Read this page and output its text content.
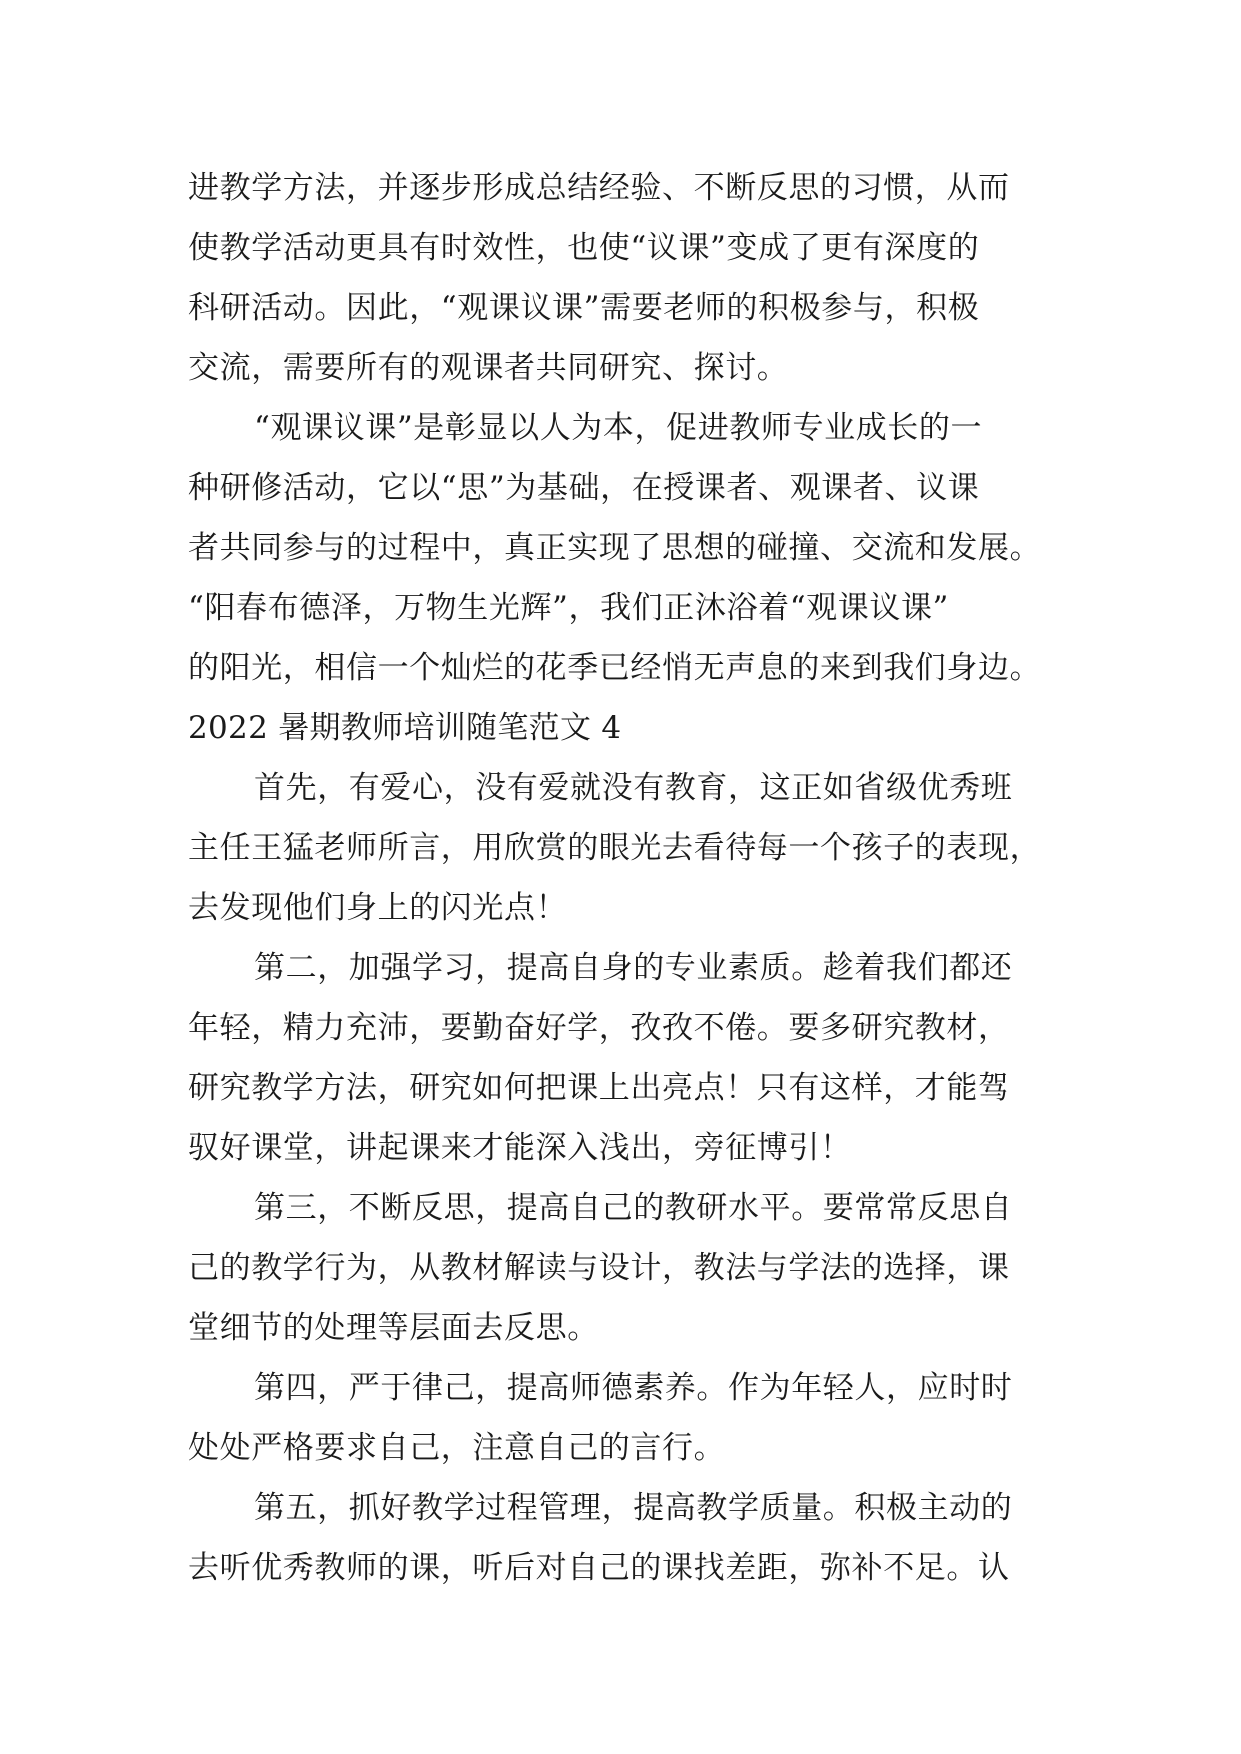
进教学方法，并逐步形成总结经验、不断反思的习惯，从而
使教学活动更具有时效性，也使“议课”变成了更有深度的
科研活动。因此，“观课议课”需要老师的积极参与，积极
交流，需要所有的观课者共同研究、探讨。
“观课议课”是彰显以人为本，促进教师专业成长的一
种研修活动，它以“思”为基础，在授课者、观课者、议课
者共同参与的过程中，真正实现了思想的碰撞、交流和发展。
“阳春布德泽，万物生光辉”，我们正沐浴着“观课议课”
的阳光，相信一个灿烂的花季已经悄无声息的来到我们身边。
2022 暑期教师培训随笔范文 4
首先，有爱心，没有爱就没有教育，这正如省级优秀班
主任王猛老师所言，用欣赏的眼光去看待每一个孩子的表现，
去发现他们身上的闪光点！
第二，加强学习，提高自身的专业素质。趁着我们都还
年轻，精力充沛，要勤奋好学，孜孜不倦。要多研究教材，
研究教学方法，研究如何把课上出亮点！只有这样，才能驾
驭好课堂，讲起课来才能深入浅出，旁征博引！
第三，不断反思，提高自己的教研水平。要常常反思自
己的教学行为，从教材解读与设计，教法与学法的选择，课
堂细节的处理等层面去反思。
第四，严于律己，提高师德素养。作为年轻人，应时时
处处严格要求自己，注意自己的言行。
第五，抓好教学过程管理，提高教学质量。积极主动的
去听优秀教师的课，听后对自己的课找差距，弥补不足。认
